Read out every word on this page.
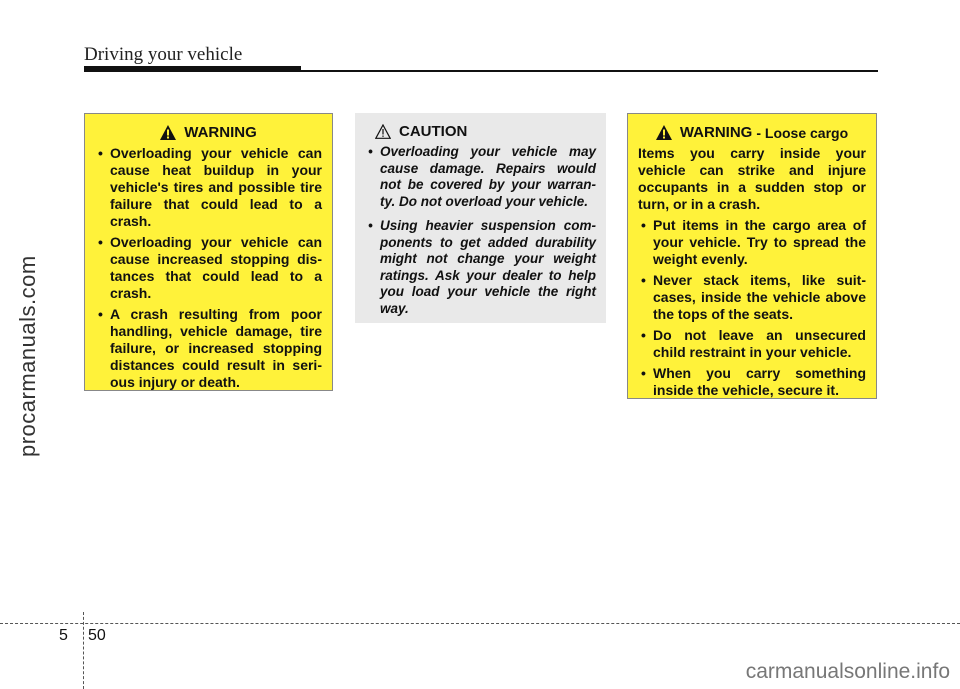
Driving your vehicle
procarmanuals.com
WARNING
• Overloading your vehicle can cause heat buildup in your vehicle's tires and possible tire failure that could lead to a crash.
• Overloading your vehicle can cause increased stopping dis-tances that could lead to a crash.
• A crash resulting from poor handling, vehicle damage, tire failure, or increased stopping distances could result in seri-ous injury or death.
CAUTION
• Overloading your vehicle may cause damage. Repairs would not be covered by your warran-ty. Do not overload your vehicle.
• Using heavier suspension com-ponents to get added durability might not change your weight ratings. Ask your dealer to help you load your vehicle the right way.
WARNING - Loose cargo
Items you carry inside your vehicle can strike and injure occupants in a sudden stop or turn, or in a crash.
• Put items in the cargo area of your vehicle. Try to spread the weight evenly.
• Never stack items, like suit-cases, inside the vehicle above the tops of the seats.
• Do not leave an unsecured child restraint in your vehicle.
• When you carry something inside the vehicle, secure it.
5 50
carmanualsonline.info
